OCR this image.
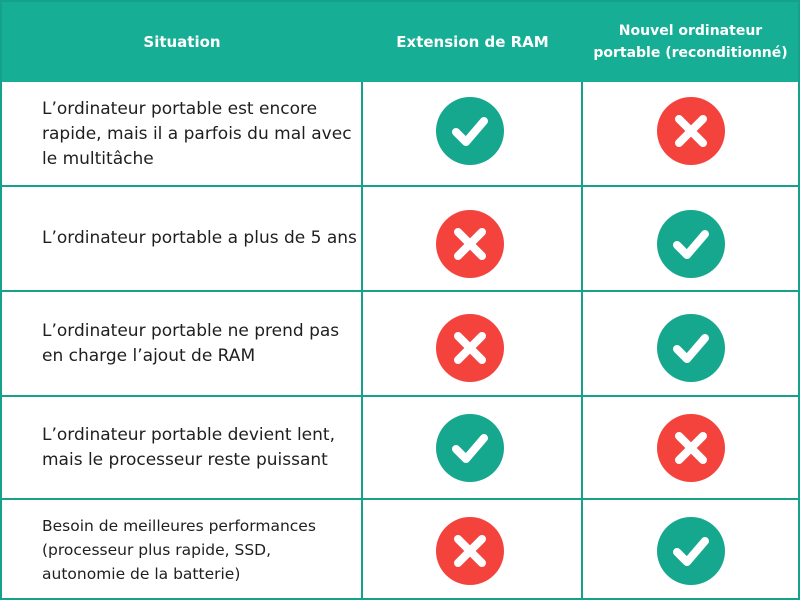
Situation	Extension de RAM
Nouvel ordinateur
portable (reconditionné)
L’ordinateur portable est encore rapide, mais il a parfois du mal avec le multitâche
L’ordinateur portable a plus de 5 ans
L’ordinateur portable ne prend pas en charge l’ajout de RAM
L’ordinateur portable devient lent, mais le processeur reste puissant
Besoin de meilleures performances (processeur plus rapide, SSD, autonomie de la batterie)
